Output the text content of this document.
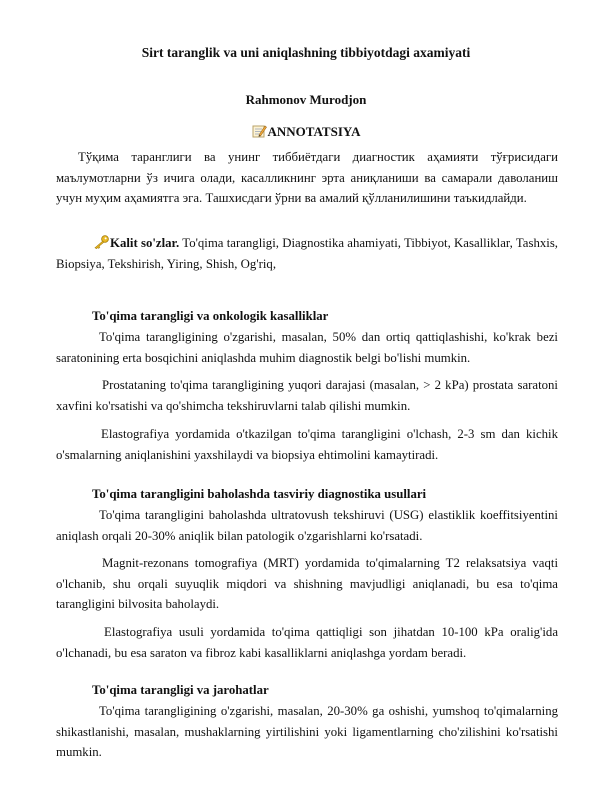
Sirt taranglik va uni aniqlashning tibbiyotdagi axamiyati

Rahmonov Murodjon

ANNOTATSIYA

Тўқима таранглиги ва унинг тиббиётдаги диагностик аҳамияти тўғрисидаги маълумотларни ўз ичига олади, касалликнинг эрта аниқланиши ва самарали даволаниш учун муҳим аҳамиятга эга. Ташхисдаги ўрни ва амалий қўлланилишини таъкидлайди.

Kalit so'zlar. To'qima tarangligi, Diagnostika ahamiyati, Tibbiyot, Kasalliklar, Tashxis, Biopsiya, Tekshirish, Yiring, Shish, Og'riq,

To'qima tarangligi va onkologik kasalliklar

To'qima tarangligining o'zgarishi, masalan, 50% dan ortiq qattiqlashishi, ko'krak bezi saratonining erta bosqichini aniqlashda muhim diagnostik belgi bo'lishi mumkin.

Prostataning to'qima tarangligining yuqori darajasi (masalan, > 2 kPa) prostata saratoni xavfini ko'rsatishi va qo'shimcha tekshiruvlarni talab qilishi mumkin.

Elastografiya yordamida o'tkazilgan to'qima tarangligini o'lchash, 2-3 sm dan kichik o'smalarning aniqlanishini yaxshilaydi va biopsiya ehtimolini kamaytiradi.

To'qima tarangligini baholashda tasviriy diagnostika usullari

To'qima tarangligini baholashda ultratovush tekshiruvi (USG) elastiklik koeffitsiyentini aniqlash orqali 20-30% aniqlik bilan patologik o'zgarishlarni ko'rsatadi.

Magnit-rezonans tomografiya (MRT) yordamida to'qimalarning T2 relaksatsiya vaqti o'lchanib, shu orqali suyuqlik miqdori va shishning mavjudligi aniqlanadi, bu esa to'qima tarangligini bilvosita baholaydi.

Elastografiya usuli yordamida to'qima qattiqligi son jihatdan 10-100 kPa oralig'ida o'lchanadi, bu esa saraton va fibroz kabi kasalliklarni aniqlashga yordam beradi.

To'qima tarangligi va jarohatlar

To'qima tarangligining o'zgarishi, masalan, 20-30% ga oshishi, yumshoq to'qimalarning shikastlanishi, masalan, mushaklarning yirtilishini yoki ligamentlarning cho'zilishini ko'rsatishi mumkin.
